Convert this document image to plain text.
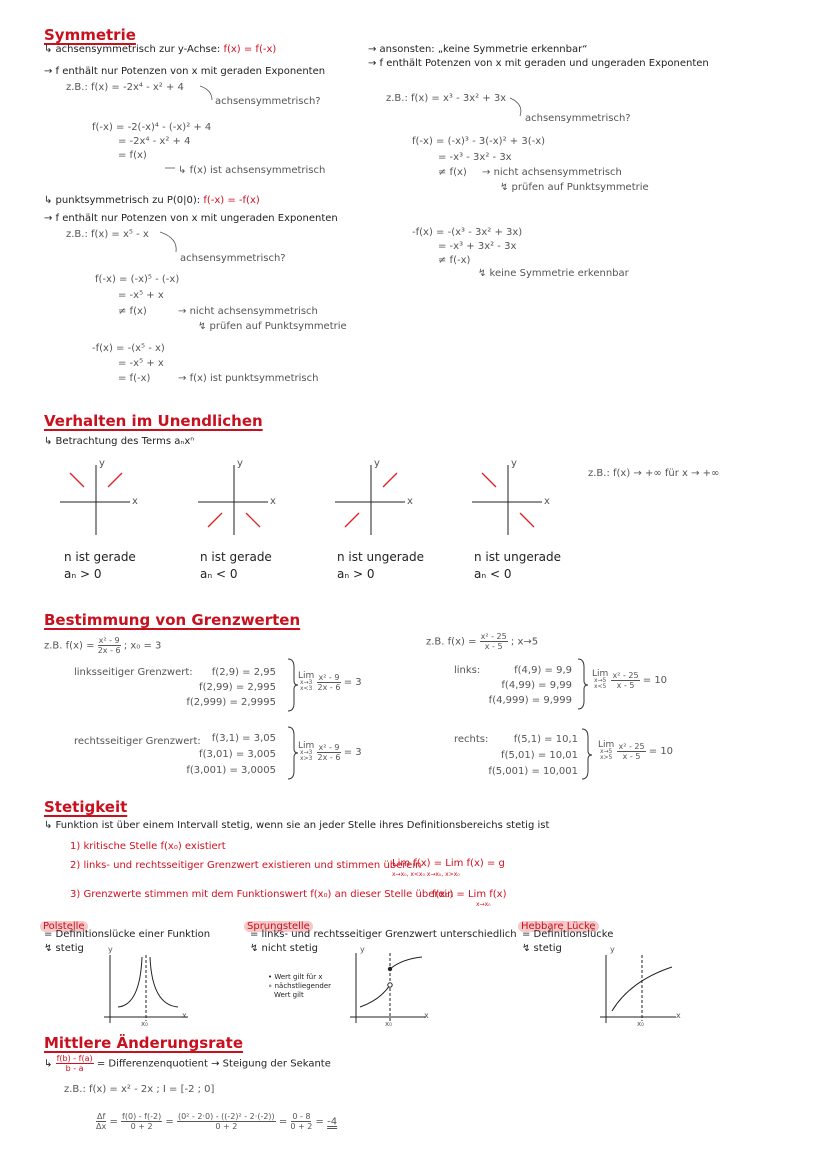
Symmetrie
↳ achsensymmetrisch zur y-Achse: f(x) = f(-x)
→ f enthält nur Potenzen von x mit geraden Exponenten
z.B.: f(x) = -2x⁴ - x² + 4
achsensymmetrisch?
f(-x) = -2(-x)⁴ - (-x)² + 4
= -2x⁴ - x² + 4
= f(x)
↳ f(x) ist achsensymmetrisch
↳ punktsymmetrisch zu P(0|0): f(-x) = -f(x)
→ f enthält nur Potenzen von x mit ungeraden Exponenten
z.B.: f(x) = x⁵ - x
achsensymmetrisch?
f(-x) = (-x)⁵ - (-x)
= -x⁵ + x
≠ f(x)	→ nicht achsensymmetrisch
↯ prüfen auf Punktsymmetrie
-f(x) = -(x⁵ - x)
= -x⁵ + x
= f(-x)	→ f(x) ist punktsymmetrisch
→ ansonsten: „keine Symmetrie erkennbar“
→ f enthält Potenzen von x mit geraden und ungeraden Exponenten
z.B.: f(x) = x³ - 3x² + 3x
achsensymmetrisch?
f(-x) = (-x)³ - 3(-x)² + 3(-x)
= -x³ - 3x² - 3x
≠ f(x) → nicht achsensymmetrisch
↯ prüfen auf Punktsymmetrie
-f(x) = -(x³ - 3x² + 3x)
= -x³ + 3x² - 3x
≠ f(-x)
↯ keine Symmetrie erkennbar
Verhalten im Unendlichen
↳ Betrachtung des Terms aₙxⁿ
z.B.: f(x) → +∞ für x → +∞
x
y
x
y
x
y
x
y
n ist gerade
aₙ > 0
n ist gerade
aₙ < 0
n ist ungerade
aₙ > 0
n ist ungerade
aₙ < 0
Bestimmung von Grenzwerten
z.B. $f(x) = \frac{\text{x² - 9}}{2x - 6}$ ; x₀ = 3
linksseitiger Grenzwert:	f(2,9) = 2,95
f(2,99) = 2,995
f(2,999) = 2,9995
rechtsseitiger Grenzwert:	f(3,1) = 3,05
f(3,01) = 3,005
f(3,001) = 3,0005
Lim
x→3
x<3
$\frac{\text{x² - 9}}{2x - 6} = 3$
Lim
x→3
x>3
$\frac{\text{x² - 9}}{2x - 6} = 3$
z.B. $f(x) = \frac{\text{x² - 25}}{x - 5}$ ; x→5
links:	f(4,9) = 9,9
f(4,99) = 9,99
f(4,999) = 9,999
rechts:	f(5,1) = 10,1
f(5,01) = 10,01
f(5,001) = 10,001
Lim
x→5
x<5
$\frac{\text{x² - 25}}{x - 5} = 10$
Lim
x→5
x>5
$\frac{\text{x² - 25}}{x - 5} = 10$
Stetigkeit
↳ Funktion ist über einem Intervall stetig, wenn sie an jeder Stelle ihres Definitionsbereichs stetig ist
1) kritische Stelle f(x₀) existiert
2) links- und rechtsseitiger Grenzwert existieren und stimmen überein
Lim f(x) = Lim f(x) = g
x→x₀, x<x₀ x→x₀, x>x₀
3) Grenzwerte stimmen mit dem Funktionswert f(x₀) an dieser Stelle überein
f(x₀) = Lim f(x)
x→x₀
Polstelle
= Definitionslücke einer Funktion
↯ stetig
Sprungstelle
= links- und rechtsseitiger Grenzwert unterschiedlich
↯ nicht stetig
• Wert gilt für x
∘ nächstliegender
Wert gilt
Hebbare Lücke
= Definitionslücke
↯ stetig
y
x
x₀
y
x
x₀
y
x
x₀
Mittlere Änderungsrate
↳ $\frac{f(b) - f(a)}{b - a}$ = Differenzenquotient → Steigung der Sekante
z.B.: f(x) = x² - 2x ; I = [-2 ; 0]
$\frac{\Delta f}{\Delta x} = \frac{f(0) - f(-2)}{0 + 2} = \frac{\text{(0² - 2·0) - ((-2)² - 2·(-2))}}{0 + 2} = \frac{0 - 8}{0 + 2} = -4$
